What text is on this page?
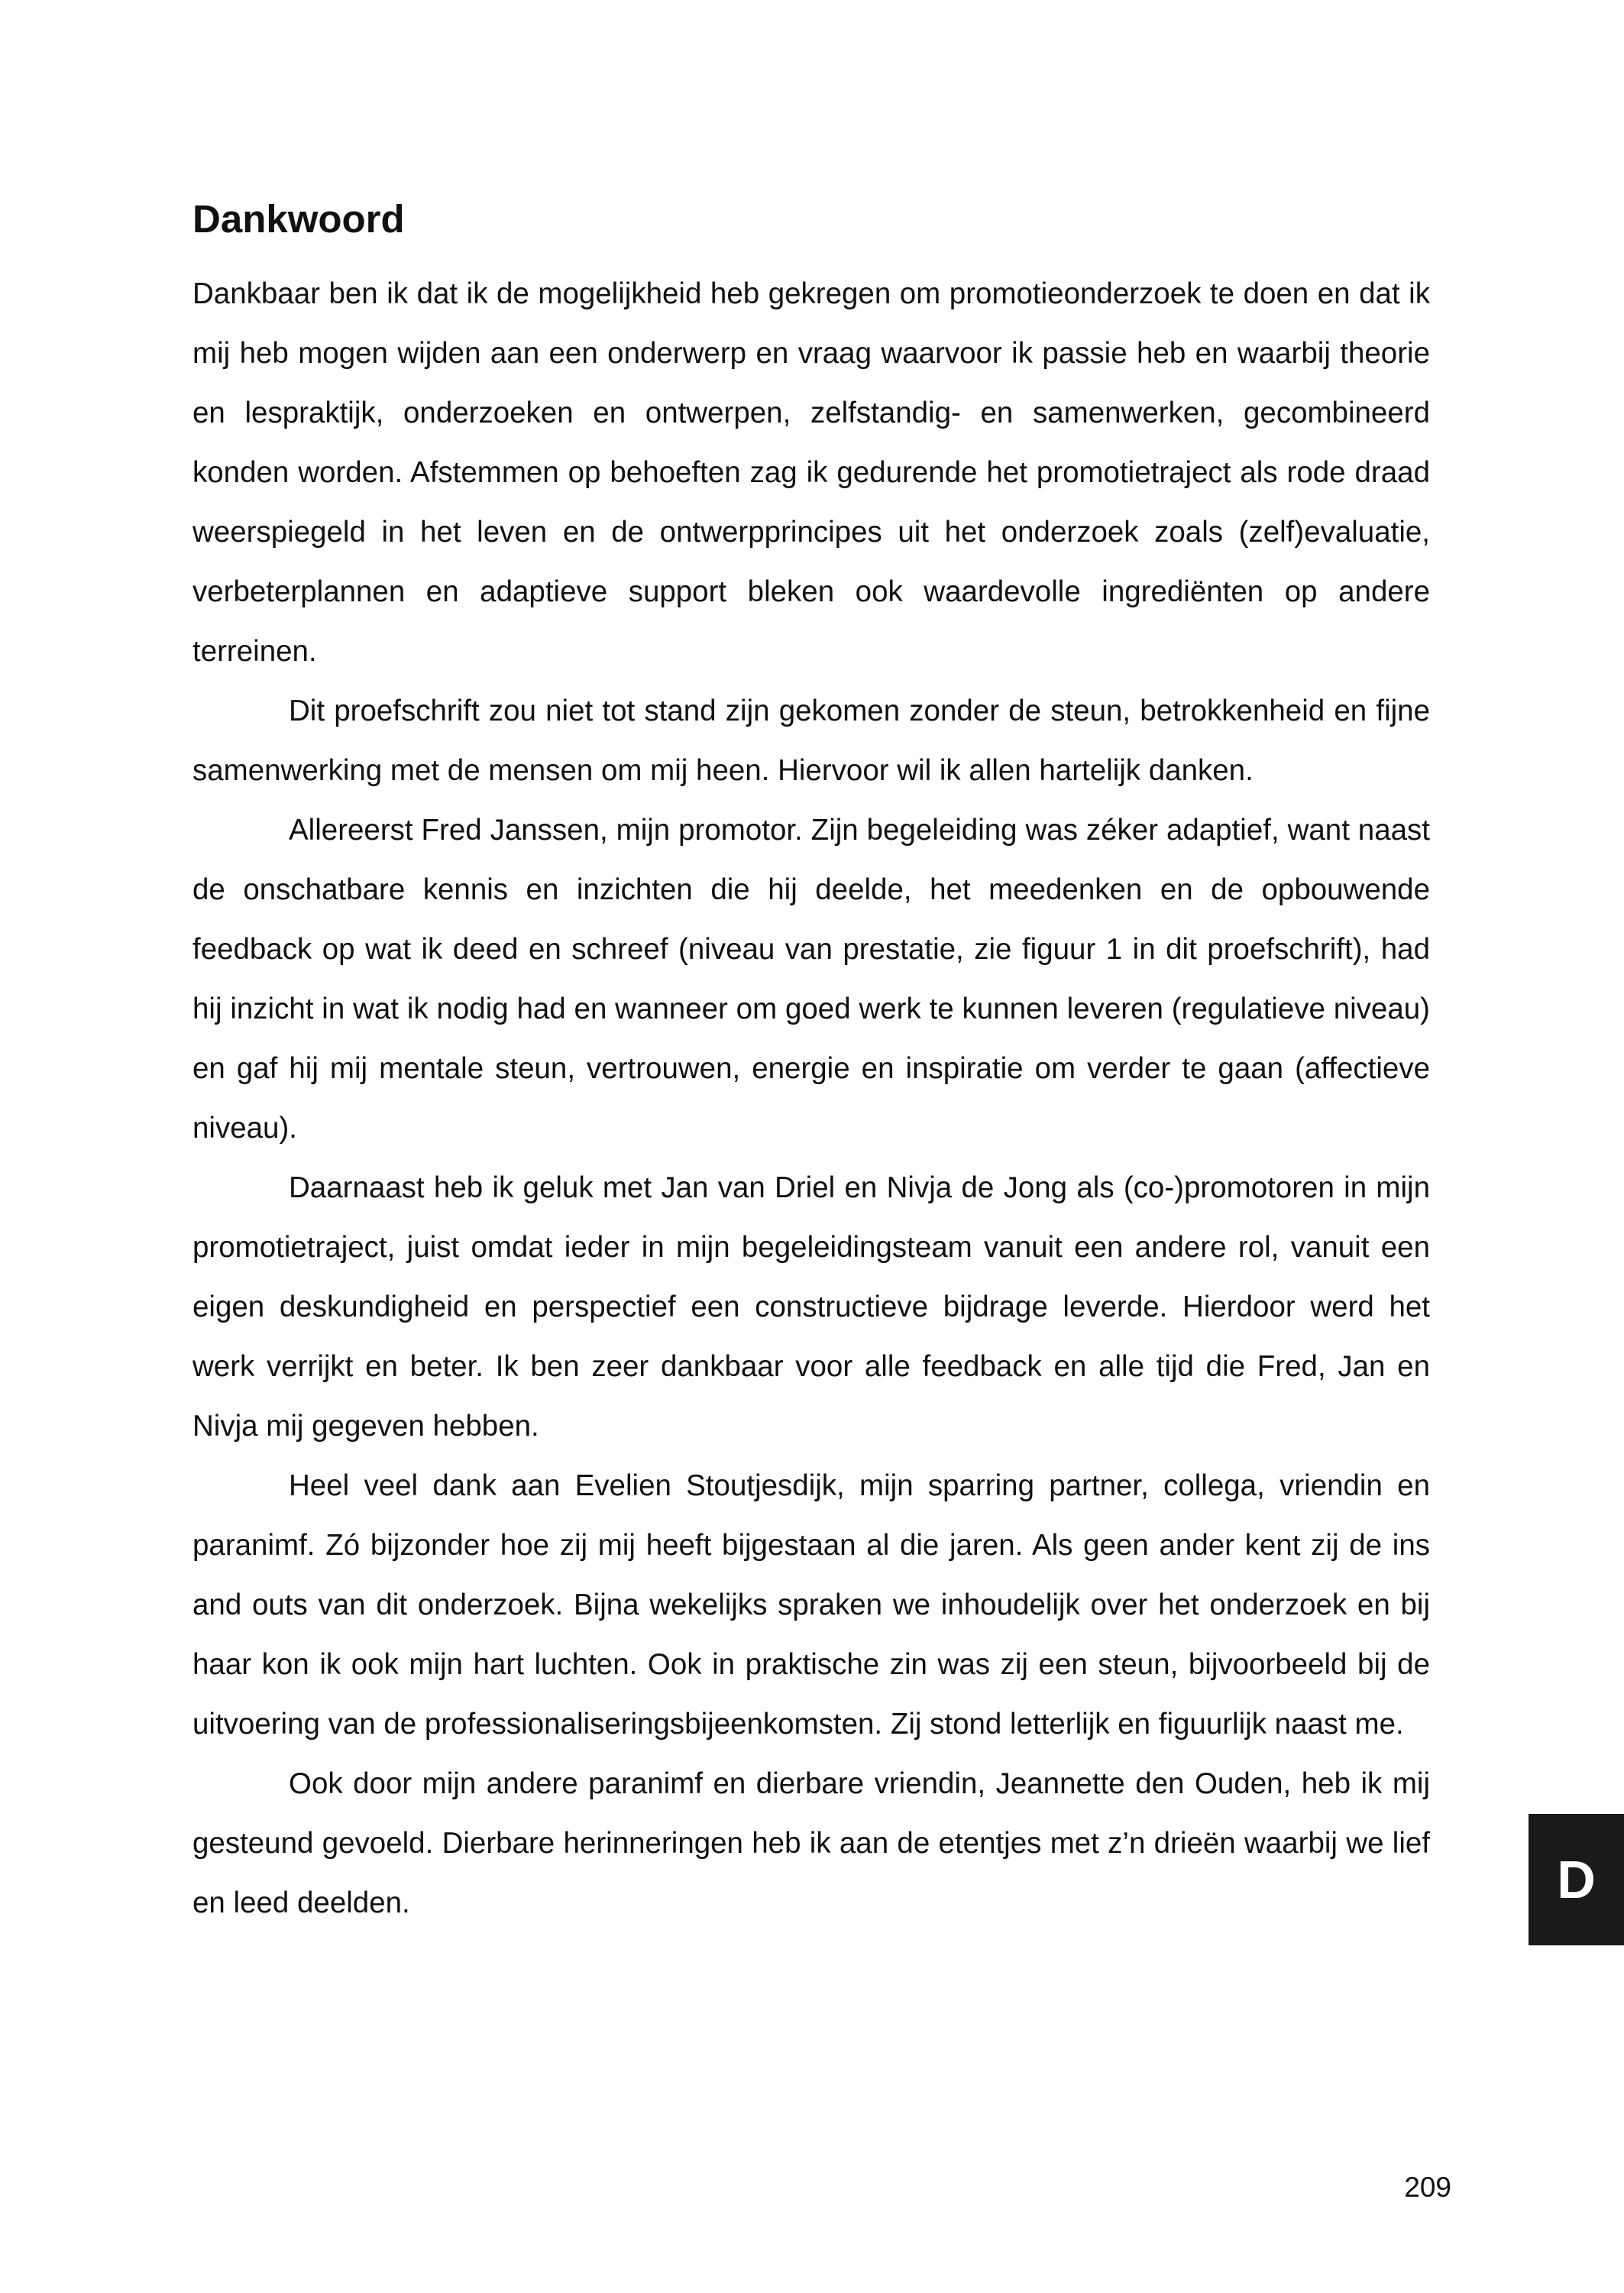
Dankwoord

Dankbaar ben ik dat ik de mogelijkheid heb gekregen om promotieonderzoek te doen en dat ik mij heb mogen wijden aan een onderwerp en vraag waarvoor ik passie heb en waarbij theorie en lespraktijk, onderzoeken en ontwerpen, zelfstandig- en samenwerken, gecombineerd konden worden. Afstemmen op behoeften zag ik gedurende het promotietraject als rode draad weerspiegeld in het leven en de ontwerpprincipes uit het onderzoek zoals (zelf)evaluatie, verbeterplannen en adaptieve support bleken ook waardevolle ingrediënten op andere terreinen.

Dit proefschrift zou niet tot stand zijn gekomen zonder de steun, betrokkenheid en fijne samenwerking met de mensen om mij heen. Hiervoor wil ik allen hartelijk danken.

Allereerst Fred Janssen, mijn promotor. Zijn begeleiding was zéker adaptief, want naast de onschatbare kennis en inzichten die hij deelde, het meedenken en de opbouwende feedback op wat ik deed en schreef (niveau van prestatie, zie figuur 1 in dit proefschrift), had hij inzicht in wat ik nodig had en wanneer om goed werk te kunnen leveren (regulatieve niveau) en gaf hij mij mentale steun, vertrouwen, energie en inspiratie om verder te gaan (affectieve niveau).

Daarnaast heb ik geluk met Jan van Driel en Nivja de Jong als (co-)promotoren in mijn promotietraject, juist omdat ieder in mijn begeleidingsteam vanuit een andere rol, vanuit een eigen deskundigheid en perspectief een constructieve bijdrage leverde. Hierdoor werd het werk verrijkt en beter. Ik ben zeer dankbaar voor alle feedback en alle tijd die Fred, Jan en Nivja mij gegeven hebben.

Heel veel dank aan Evelien Stoutjesdijk, mijn sparring partner, collega, vriendin en paranimf. Zó bijzonder hoe zij mij heeft bijgestaan al die jaren. Als geen ander kent zij de ins and outs van dit onderzoek. Bijna wekelijks spraken we inhoudelijk over het onderzoek en bij haar kon ik ook mijn hart luchten. Ook in praktische zin was zij een steun, bijvoorbeeld bij de uitvoering van de professionaliseringsbijeenkomsten. Zij stond letterlijk en figuurlijk naast me.

Ook door mijn andere paranimf en dierbare vriendin, Jeannette den Ouden, heb ik mij gesteund gevoeld. Dierbare herinneringen heb ik aan de etentjes met z’n drieën waarbij we lief en leed deelden.	D
209
